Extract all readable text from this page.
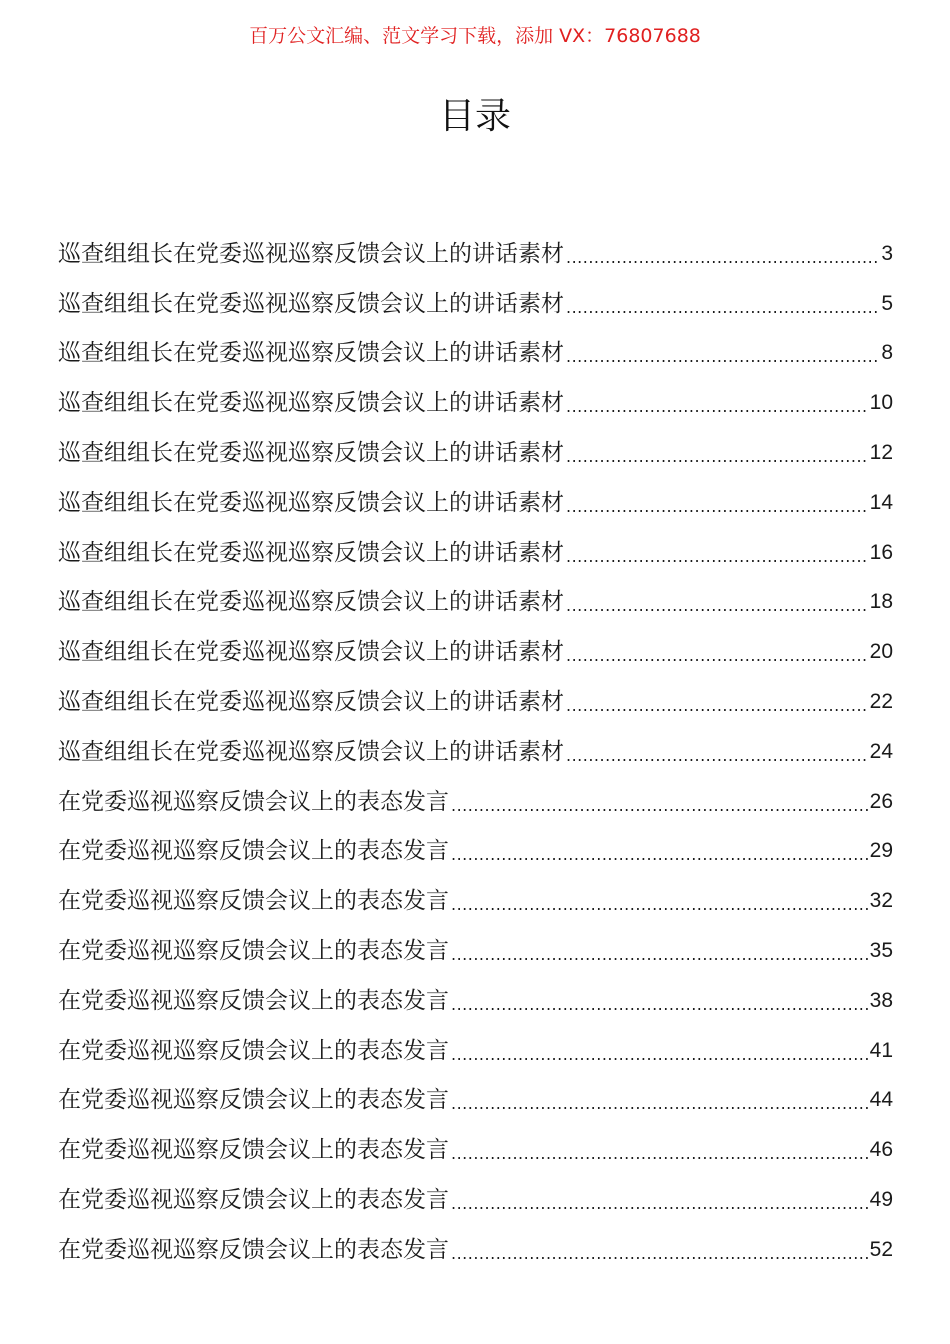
百万公文汇编、范文学习下载，添加 VX：76807688
目录
巡查组组长在党委巡视巡察反馈会议上的讲话素材 .....	3
巡查组组长在党委巡视巡察反馈会议上的讲话素材 .....	5
巡查组组长在党委巡视巡察反馈会议上的讲话素材 .....	8
巡查组组长在党委巡视巡察反馈会议上的讲话素材 .....	10
巡查组组长在党委巡视巡察反馈会议上的讲话素材 .....	12
巡查组组长在党委巡视巡察反馈会议上的讲话素材 .....	14
巡查组组长在党委巡视巡察反馈会议上的讲话素材 .....	16
巡查组组长在党委巡视巡察反馈会议上的讲话素材 .....	18
巡查组组长在党委巡视巡察反馈会议上的讲话素材 .....	20
巡查组组长在党委巡视巡察反馈会议上的讲话素材 .....	22
巡查组组长在党委巡视巡察反馈会议上的讲话素材 .....	24
在党委巡视巡察反馈会议上的表态发言 .....	26
在党委巡视巡察反馈会议上的表态发言 .....	29
在党委巡视巡察反馈会议上的表态发言 .....	32
在党委巡视巡察反馈会议上的表态发言 .....	35
在党委巡视巡察反馈会议上的表态发言 .....	38
在党委巡视巡察反馈会议上的表态发言 .....	41
在党委巡视巡察反馈会议上的表态发言 .....	44
在党委巡视巡察反馈会议上的表态发言 .....	46
在党委巡视巡察反馈会议上的表态发言 .....	49
在党委巡视巡察反馈会议上的表态发言 .....	52
